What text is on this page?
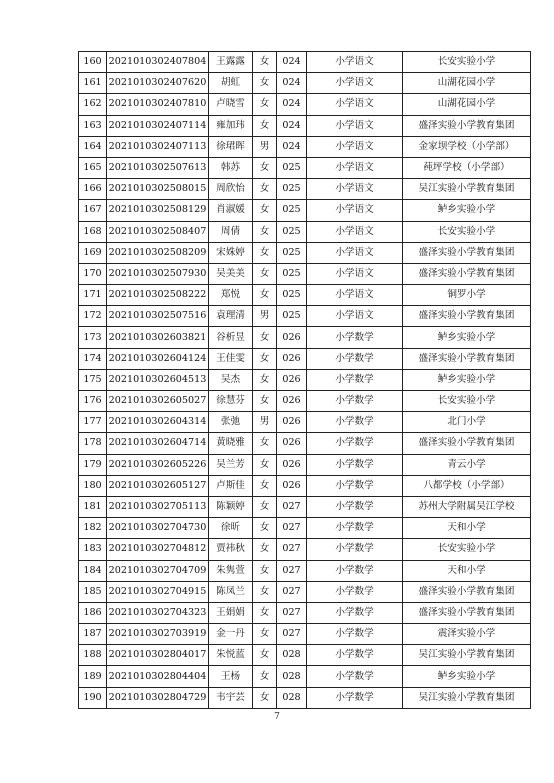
160	2021010302407804	王露露	女	024	小学语文	长安实验小学
161	2021010302407620	胡虹	女	024	小学语文	山湖花园小学
162	2021010302407810	卢晓雪	女	024	小学语文	山湖花园小学
163	2021010302407114	雍加玮	女	024	小学语文	盛泽实验小学教育集团
164	2021010302407113	徐珺晖	男	024	小学语文	金家坝学校（小学部）
165	2021010302507613	韩苏	女	025	小学语文	莼坪学校（小学部）
166	2021010302508015	周欣怡	女	025	小学语文	吴江实验小学教育集团
167	2021010302508129	肖淑媛	女	025	小学语文	鲈乡实验小学
168	2021010302508407	周倩	女	025	小学语文	长安实验小学
169	2021010302508209	宋姝婷	女	025	小学语文	盛泽实验小学教育集团
170	2021010302507930	吴美美	女	025	小学语文	盛泽实验小学教育集团
171	2021010302508222	郑悦	女	025	小学语文	铜罗小学
172	2021010302507516	袁理清	男	025	小学语文	盛泽实验小学教育集团
173	2021010302603821	谷析昱	女	026	小学数学	鲈乡实验小学
174	2021010302604124	王佳雯	女	026	小学数学	盛泽实验小学教育集团
175	2021010302604513	吴杰	女	026	小学数学	鲈乡实验小学
176	2021010302605027	徐慧芬	女	026	小学数学	长安实验小学
177	2021010302604314	张弛	男	026	小学数学	北门小学
178	2021010302604714	黄晓雅	女	026	小学数学	盛泽实验小学教育集团
179	2021010302605226	吴兰芳	女	026	小学数学	青云小学
180	2021010302605127	卢斯佳	女	026	小学数学	八都学校（小学部）
181	2021010302705113	陈颖婷	女	027	小学数学	苏州大学附属吴江学校
182	2021010302704730	徐昕	女	027	小学数学	天和小学
183	2021010302704812	贾祎秋	女	027	小学数学	长安实验小学
184	2021010302704709	朱隽萱	女	027	小学数学	天和小学
185	2021010302704915	陈凤兰	女	027	小学数学	盛泽实验小学教育集团
186	2021010302704323	王娟娟	女	027	小学数学	盛泽实验小学教育集团
187	2021010302703919	金一丹	女	027	小学数学	震泽实验小学
188	2021010302804017	朱悦蓝	女	028	小学数学	吴江实验小学教育集团
189	2021010302804404	王杨	女	028	小学数学	鲈乡实验小学
190	2021010302804729	韦宇芸	女	028	小学数学	吴江实验小学教育集团
7
